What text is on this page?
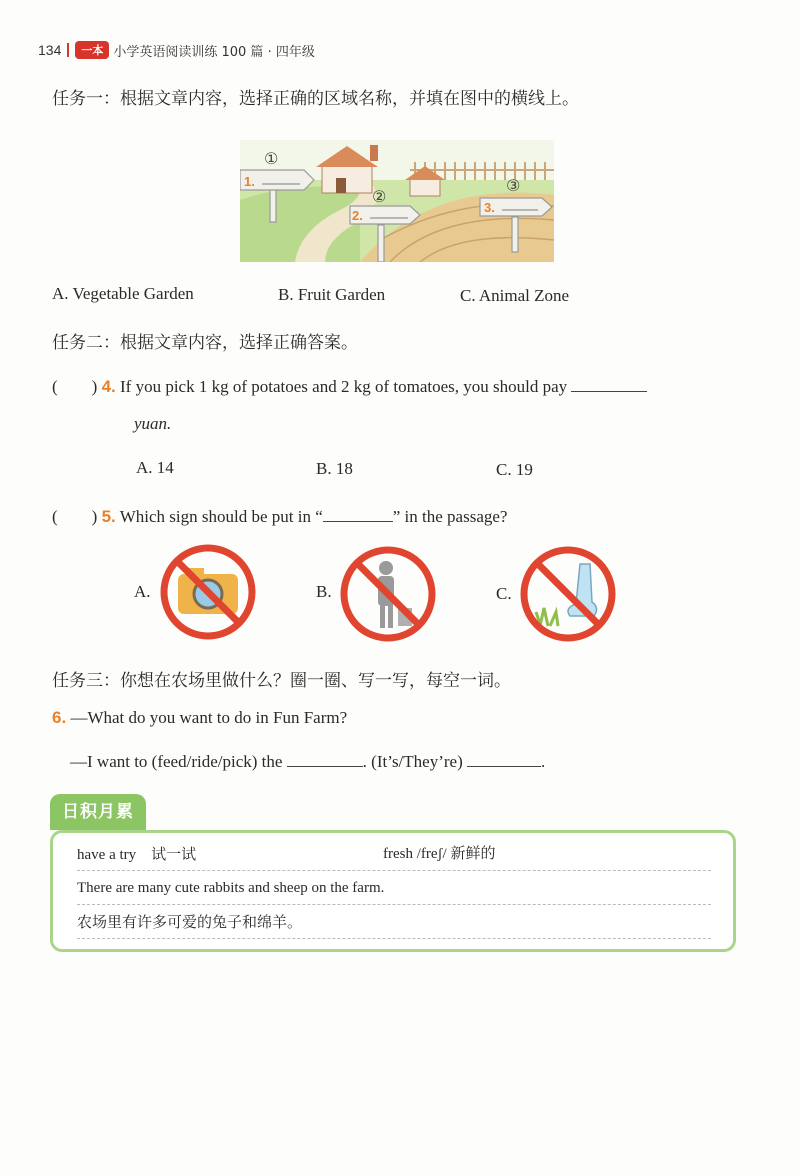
134	一本 小学英语阅读训练 100 篇 · 四年级
任务一：根据文章内容，选择正确的区域名称，并填在图中的横线上。
1.
2.
3.
①
②
③
A. Vegetable Garden	B. Fruit Garden	C. Animal Zone
任务二：根据文章内容，选择正确答案。
(　　) 4. If you pick 1 kg of potatoes and 2 kg of tomatoes, you should pay
yuan.
A. 14	B. 18	C. 19
(　　) 5. Which sign should be put in “	” in the passage?
A.	B.	C.
任务三：你想在农场里做什么？圈一圈、写一写，每空一词。
6. —What do you want to do in Fun Farm?
—I want to (feed/ride/pick) the	. (It’s/They’re)	.
日积月累
have a try　试一试	fresh /freʃ/ 新鲜的
There are many cute rabbits and sheep on the farm.
农场里有许多可爱的兔子和绵羊。
